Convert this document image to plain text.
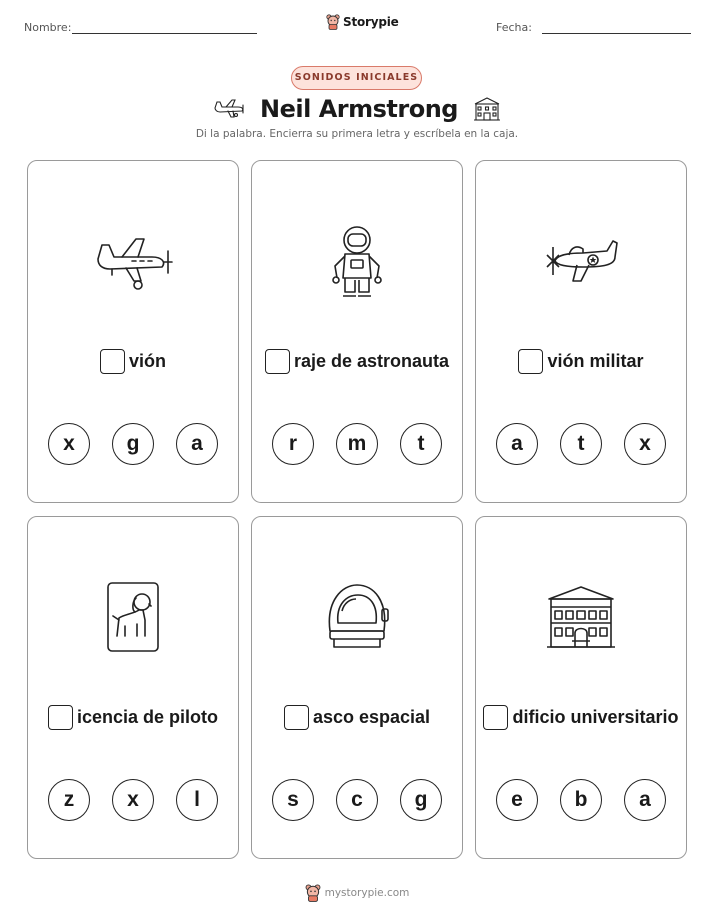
Nombre:	Storypie	Fecha:
SONIDOS INICIALES
Neil Armstrong
Di la palabra. Encierra su primera letra y escríbela en la caja.
vión
x	g	a
raje de astronauta
r	m	t
vión militar
a	t	x
icencia de piloto
z	x	l
asco espacial
s	c	g
dificio universitario
e	b	a
mystorypie.com
